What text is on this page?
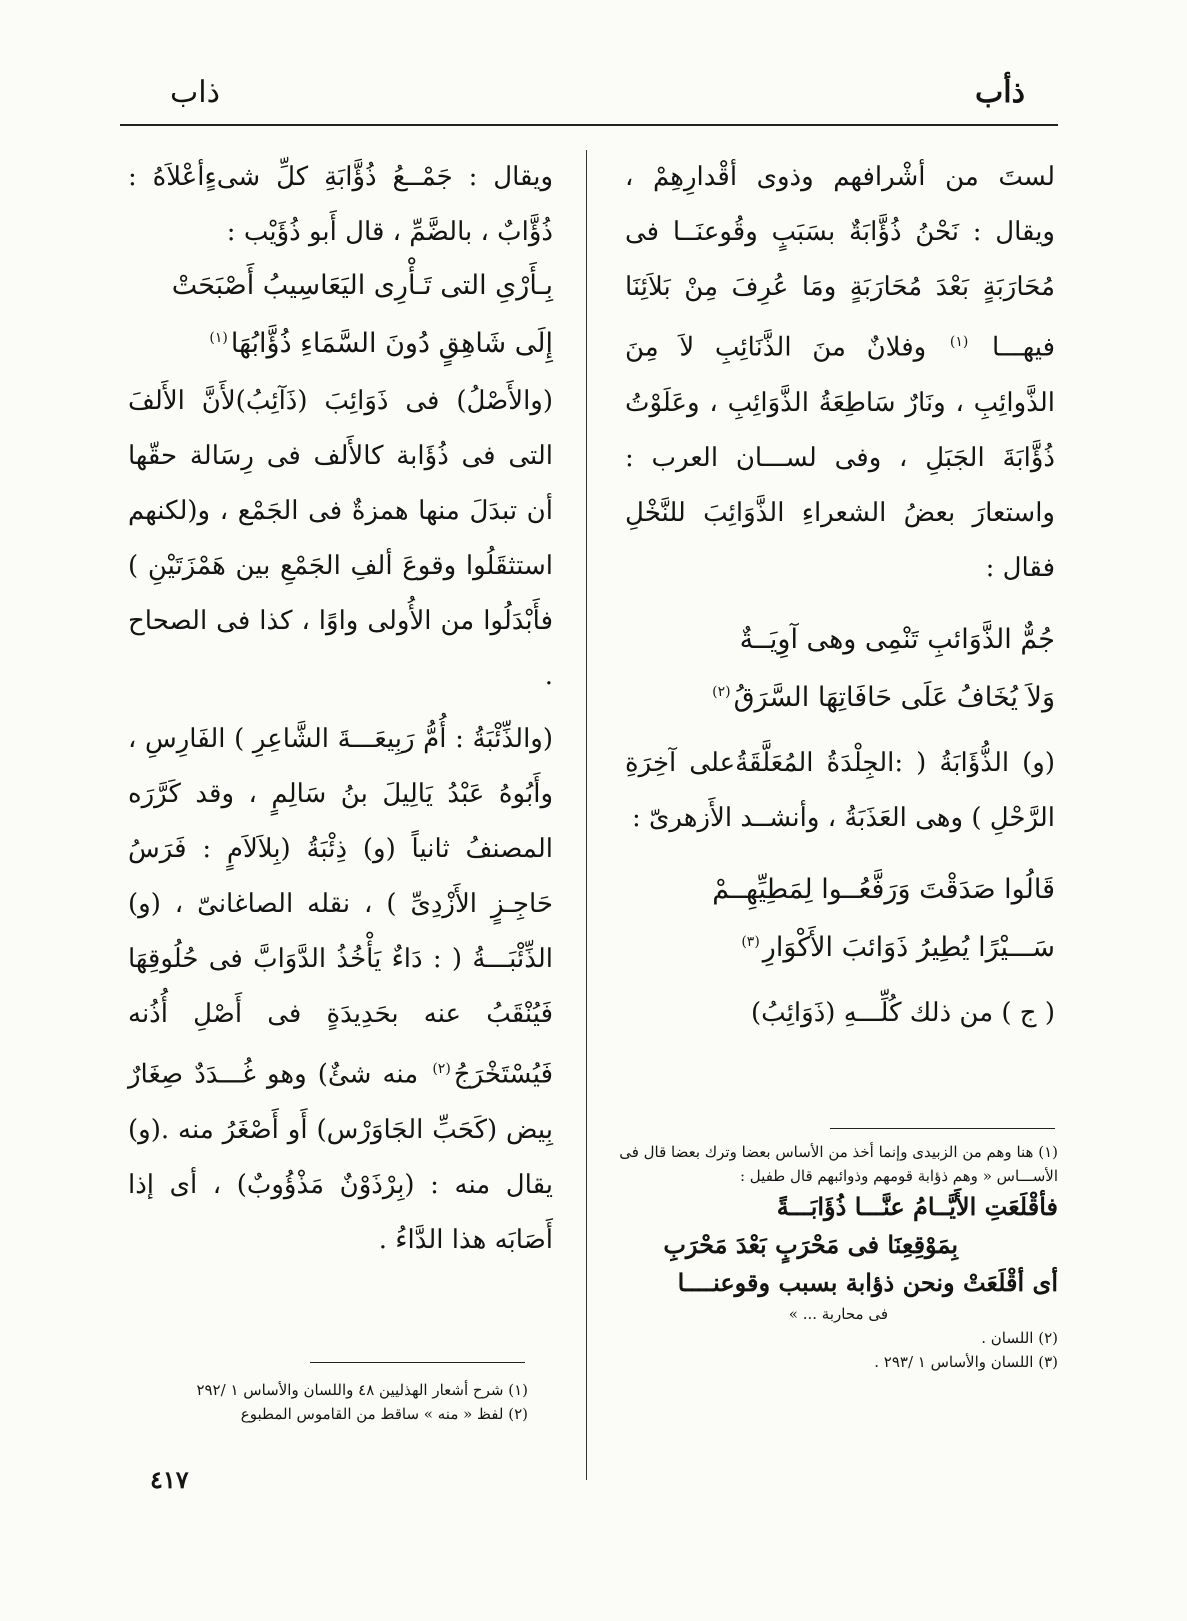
ذأب
ذاب

لستَ من أشْرافهم وذوى أقْدارِهِمْ ، ويقال : نَحْنُ ذُؤَّابَةٌ بسَبَبٍ وقُوعنَــا فى مُحَارَبَةٍ بَعْدَ مُحَارَبَةٍ ومَا عُرِفَ مِنْ بَلاَئِنَا فيهـــا $^{(١)}$ وفلانٌ منَ الذَّنَائِبِ لاَ مِنَ الذَّوائِبِ ، ونَارٌ سَاطِعَةُ الذَّوَائِبِ ، وعَلَوْتُ ذُؤَّابَةَ الجَبَلِ ، وفى لســـان العرب : واستعارَ بعضُ الشعراءِ الذَّوَائِبَ للنَّخْلِ فقال :

جُمٌّ الذَّوَائبِ تَنْمِى وهى آوِيَــةٌ
وَلاَ يُخَافُ عَلَى حَافَاتِهَا السَّرَقُ$^{(٢)}$

(و) الذُّؤَابَةُ ( :الجِلْدَةُ المُعَلَّقَةُعلى آخِرَةِ الرَّحْلِ ) وهى العَذَبَةُ ، وأنشــد الأَزهرىّ :

قَالُوا صَدَقْتَ وَرَفَّعُــوا لِمَطِيِّهِــمْ
سَـــيْرًا يُطِيرُ ذَوَائبَ الأَكْوَارِ$^{(٣)}$

( ج ) من ذلك كُلِّـــهِ (ذَوَائِبُ)

(١) هنا وهم من الزبيدى وإنما أخذ من الأساس بعضا وترك بعضا قال فى الأســـاس « وهم ذؤابة قومهم وذوائبهم قال طفيل :
فأقْلَعَتِ الأَيَّــامُ عنَّـــا ذُؤَابَـــةً
بِمَوْقِعِنَا فى مَحْرَبٍ بَعْدَ مَحْرَبِ
أى أقْلَعَتْ ونحن ذؤابة بسبب وقوعنــــا
فى محاربة ... »
(٢) اللسان .
(٣) اللسان والأساس ١ /٢٩٣ .

ويقال : جَمْــعُ ذُؤَّابَةِ كلِّ شىءٍأعْلاَهُ : ذُؤَّابٌ ، بالضَّمِّ ، قال أَبو ذُؤَيْب :

بِـأَرْىِ التى تَـأْرِى اليَعَاسِيبُ أَصْبَحَتْ
إِلَى شَاهِقٍ دُونَ السَّمَاءِ ذُؤَّابُهَا$^{(١)}$

(والأَصْلُ) فى ذَوَائِبَ (ذَآئِبُ)لأَنَّ الأَلفَ التى فى ذُؤَابة كالأَلف فى رِسَالة حقّها أن تبدَلَ منها همزةٌ فى الجَمْع ، و(لكنهم استثقَلُوا وقوعَ ألفِ الجَمْعِ بين هَمْزَتَيْنِ ) فأَبْدَلُوا من الأُولى واوًا ، كذا فى الصحاح .

(والذِّئْبَةُ : أُمُّ رَبِيعَـــةَ الشَّاعِرِ ) الفَارِسِ ، وأَبُوهُ عَبْدُ يَالِيلَ بنُ سَالِمٍ ، وقد كَرَّرَه المصنفُ ثانياً (و) ذِئْبَةُ (بِلاَلاَمٍ : فَرَسُ حَاجِـزٍ الأَزْدِىِّ ) ، نقله الصاغانىّ ، (و) الذِّئْبَـــةُ ( : دَاءٌ يَأْخُذُ الدَّوَابَّ فى حُلُوقِهَا فَيُنْقَبُ عنه بحَدِيدَةٍ فى أَصْلِ أُذُنه فَيُسْتَخْرَجُ$^{(٢)}$ منه شئٌ) وهو غُـــدَدٌ صِغَارٌ بِيض (كَحَبِّ الجَاوَرْس) أَو أَصْغَرُ منه .(و) يقال منه : (بِرْذَوْنٌ مَذْؤُوبٌ) ، أى إذا أَصَابَه هذا الدَّاءُ .

(١) شرح أشعار الهذليين ٤٨ واللسان والأساس ١ /٢٩٢
(٢) لفظ « منه » ساقط من القاموس المطبوع
٤١٧
